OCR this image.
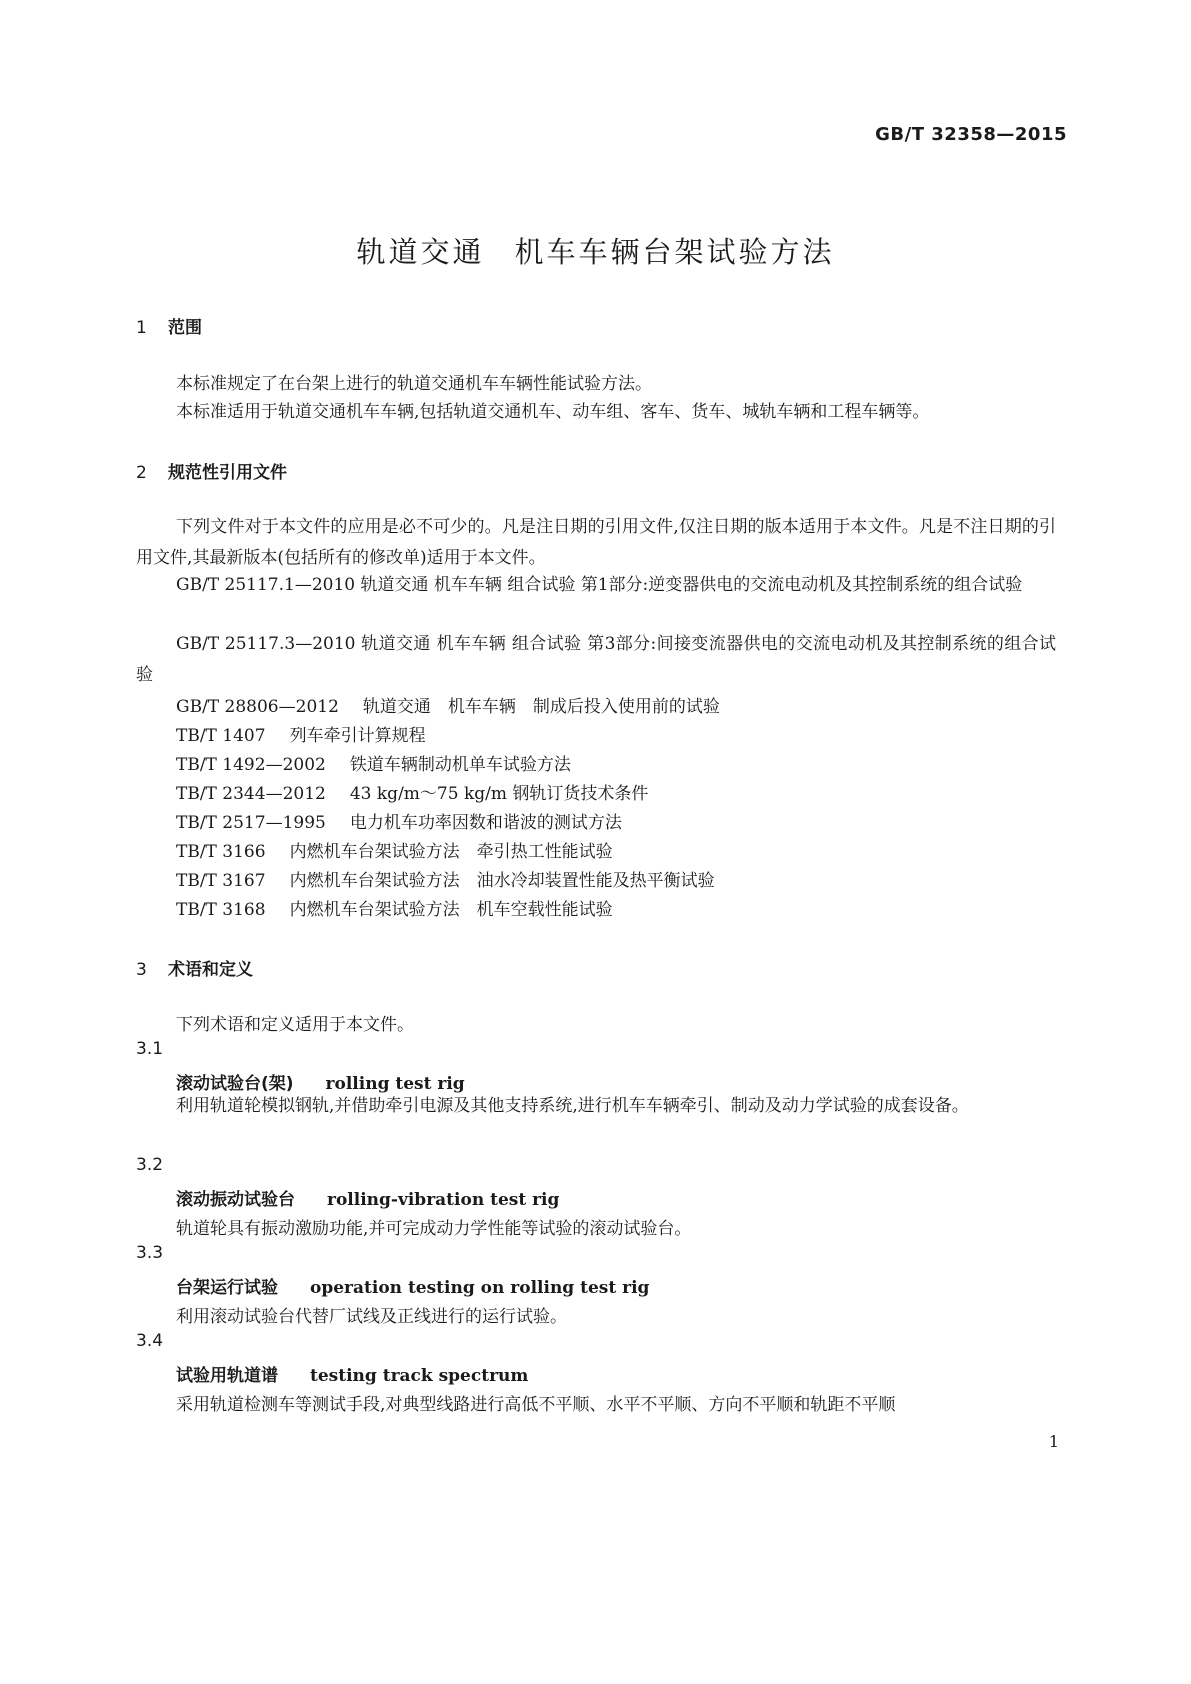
GB/T 32358—2015
轨道交通 机车车辆台架试验方法
1 范围
本标准规定了在台架上进行的轨道交通机车车辆性能试验方法。
本标准适用于轨道交通机车车辆,包括轨道交通机车、动车组、客车、货车、城轨车辆和工程车辆等。
2 规范性引用文件
下列文件对于本文件的应用是必不可少的。凡是注日期的引用文件,仅注日期的版本适用于本文件。凡是不注日期的引用文件,其最新版本(包括所有的修改单)适用于本文件。
GB/T 25117.1—2010 轨道交通 机车车辆 组合试验 第1部分:逆变器供电的交流电动机及其控制系统的组合试验
GB/T 25117.3—2010 轨道交通 机车车辆 组合试验 第3部分:间接变流器供电的交流电动机及其控制系统的组合试验
GB/T 28806—2012 轨道交通　机车车辆　制成后投入使用前的试验
TB/T 1407 列车牵引计算规程
TB/T 1492—2002 铁道车辆制动机单车试验方法
TB/T 2344—2012 43 kg/m～75 kg/m 钢轨订货技术条件
TB/T 2517—1995 电力机车功率因数和谐波的测试方法
TB/T 3166 内燃机车台架试验方法　牵引热工性能试验
TB/T 3167 内燃机车台架试验方法　油水冷却装置性能及热平衡试验
TB/T 3168 内燃机车台架试验方法　机车空载性能试验
3 术语和定义
下列术语和定义适用于本文件。
3.1
滚动试验台(架) rolling test rig
利用轨道轮模拟钢轨,并借助牵引电源及其他支持系统,进行机车车辆牵引、制动及动力学试验的成套设备。
3.2
滚动振动试验台 rolling-vibration test rig
轨道轮具有振动激励功能,并可完成动力学性能等试验的滚动试验台。
3.3
台架运行试验 operation testing on rolling test rig
利用滚动试验台代替厂试线及正线进行的运行试验。
3.4
试验用轨道谱 testing track spectrum
采用轨道检测车等测试手段,对典型线路进行高低不平顺、水平不平顺、方向不平顺和轨距不平顺
1
